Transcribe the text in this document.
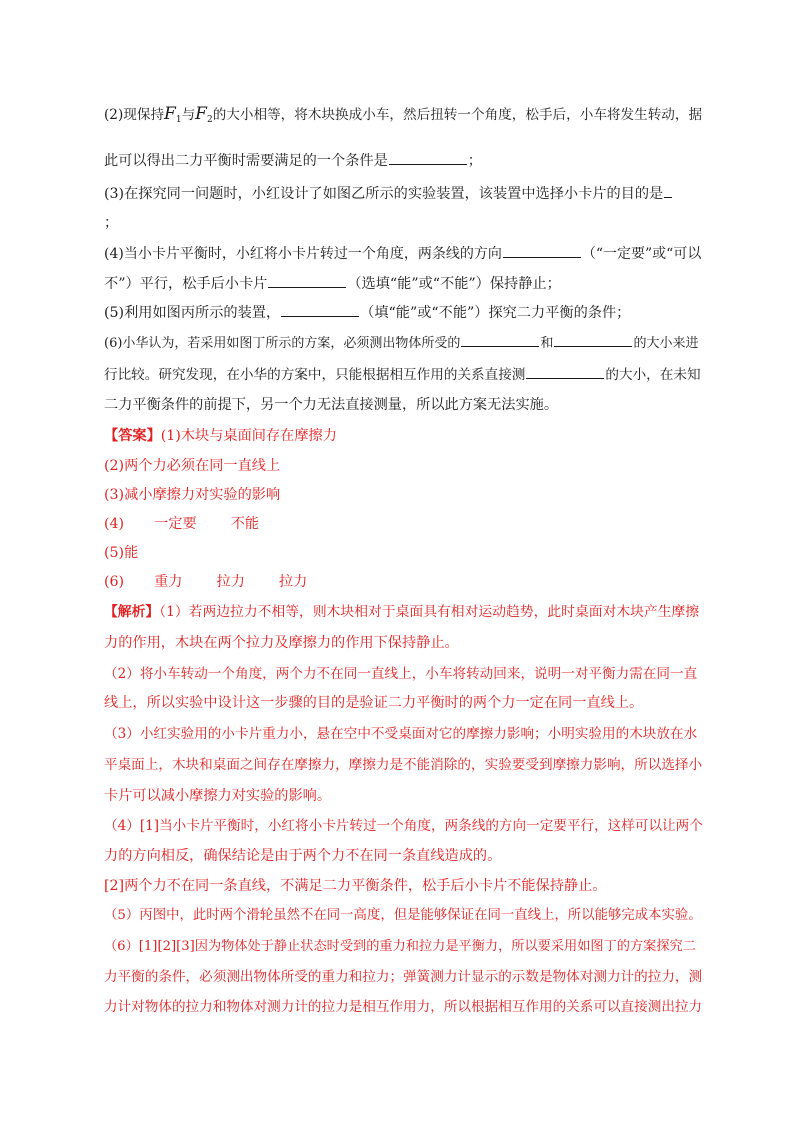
(2)现保持F1与F2的大小相等，将木块换成小车，然后扭转一个角度，松手后，小车将发生转动，据
此可以得出二力平衡时需要满足的一个条件是	；
(3)在探究同一问题时，小红设计了如图乙所示的实验装置，该装置中选择小卡片的目的是
；
(4)当小卡片平衡时，小红将小卡片转过一个角度，两条线的方向	（“一定要”或“可以
不”）平行，松手后小卡片	（选填“能”或“不能”）保持静止；
(5)利用如图丙所示的装置，	（填“能”或“不能”）探究二力平衡的条件；
(6)小华认为，若采用如图丁所示的方案，必须测出物体所受的	和	的大小来进
行比较。研究发现，在小华的方案中，只能根据相互作用的关系直接测	的大小，在未知
二力平衡条件的前提下，另一个力无法直接测量，所以此方案无法实施。
【答案】(1)木块与桌面间存在摩擦力
(2)两个力必须在同一直线上
(3)减小摩擦力对实验的影响
(4) 一定要 不能
(5)能
(6) 重力 拉力 拉力
【解析】（1）若两边拉力不相等，则木块相对于桌面具有相对运动趋势，此时桌面对木块产生摩擦
力的作用，木块在两个拉力及摩擦力的作用下保持静止。
（2）将小车转动一个角度，两个力不在同一直线上，小车将转动回来，说明一对平衡力需在同一直
线上，所以实验中设计这一步骤的目的是验证二力平衡时的两个力一定在同一直线上。
（3）小红实验用的小卡片重力小，悬在空中不受桌面对它的摩擦力影响；小明实验用的木块放在水
平桌面上，木块和桌面之间存在摩擦力，摩擦力是不能消除的，实验要受到摩擦力影响，所以选择小
卡片可以减小摩擦力对实验的影响。
（4）[1]当小卡片平衡时，小红将小卡片转过一个角度，两条线的方向一定要平行，这样可以让两个
力的方向相反，确保结论是由于两个力不在同一条直线造成的。
[2]两个力不在同一条直线，不满足二力平衡条件，松手后小卡片不能保持静止。
（5）丙图中，此时两个滑轮虽然不在同一高度，但是能够保证在同一直线上，所以能够完成本实验。
（6）[1][2][3]因为物体处于静止状态时受到的重力和拉力是平衡力，所以要采用如图丁的方案探究二
力平衡的条件，必须测出物体所受的重力和拉力；弹簧测力计显示的示数是物体对测力计的拉力，测
力计对物体的拉力和物体对测力计的拉力是相互作用力，所以根据相互作用的关系可以直接测出拉力
